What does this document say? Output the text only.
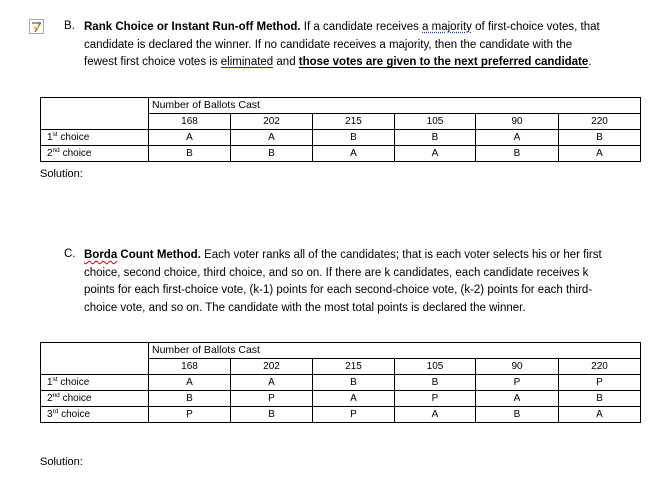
B. Rank Choice or Instant Run-off Method. If a candidate receives a majority of first-choice votes, that candidate is declared the winner. If no candidate receives a majority, then the candidate with the fewest first choice votes is eliminated and those votes are given to the next preferred candidate.
	Number of Ballots Cast					
	168	202	215	105	90	220
1st choice	A	A	B	B	A	B
2nd choice	B	B	A	A	B	A
Solution:
C. Borda Count Method. Each voter ranks all of the candidates; that is each voter selects his or her first choice, second choice, third choice, and so on. If there are k candidates, each candidate receives k points for each first-choice vote, (k-1) points for each second-choice vote, (k-2) points for each third-choice vote, and so on. The candidate with the most total points is declared the winner.
	Number of Ballots Cast					
	168	202	215	105	90	220
1st choice	A	A	B	B	P	P
2nd choice	B	P	A	P	A	B
3rd choice	P	B	P	A	B	A
Solution:
